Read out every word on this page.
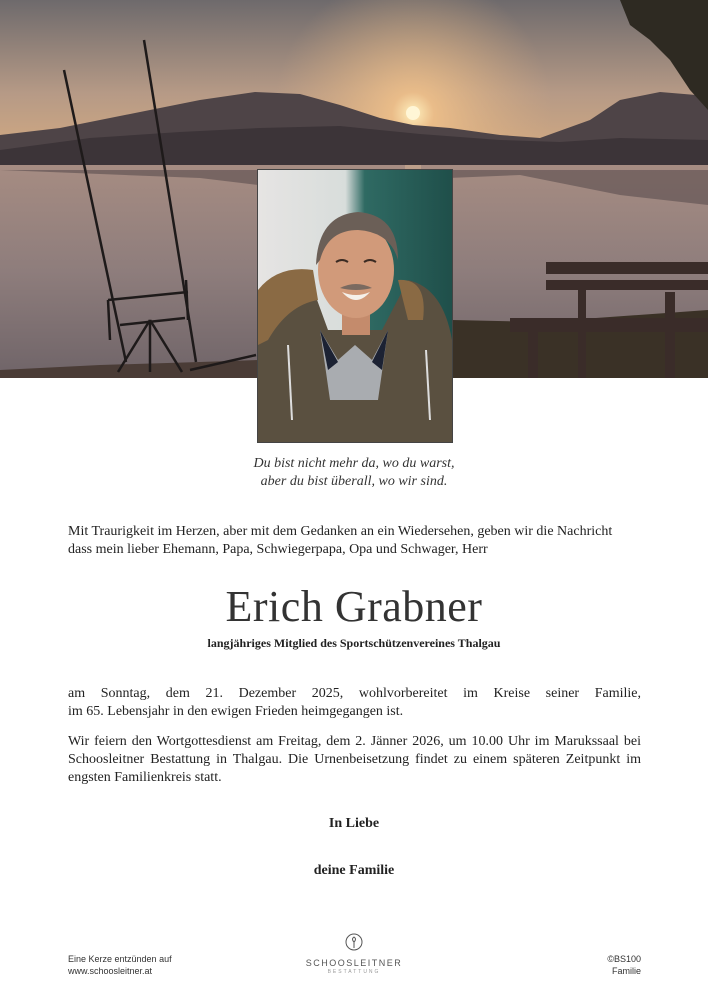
Du bist nicht mehr da, wo du warst,
aber du bist überall, wo wir sind.
Mit Traurigkeit im Herzen, aber mit dem Gedanken an ein Wiedersehen, geben wir die Nachricht
dass mein lieber Ehemann, Papa, Schwiegerpapa, Opa und Schwager, Herr
Erich Grabner
langjähriges Mitglied des Sportschützenvereines Thalgau
am Sonntag, dem 21. Dezember 2025, wohlvorbereitet im Kreise seiner Familie,
im 65. Lebensjahr in den ewigen Frieden heimgegangen ist.
Wir feiern den Wortgottesdienst am Freitag, dem 2. Jänner 2026, um 10.00 Uhr im Marukssaal bei
Schoosleitner Bestattung in Thalgau. Die Urnenbeisetzung findet zu einem späteren Zeitpunkt im
engsten Familienkreis statt.
In Liebe
deine Familie
Eine Kerze entzünden auf
www.schoosleitner.at
SCHOOSLEITNER
BESTATTUNG
©BS100
Familie
